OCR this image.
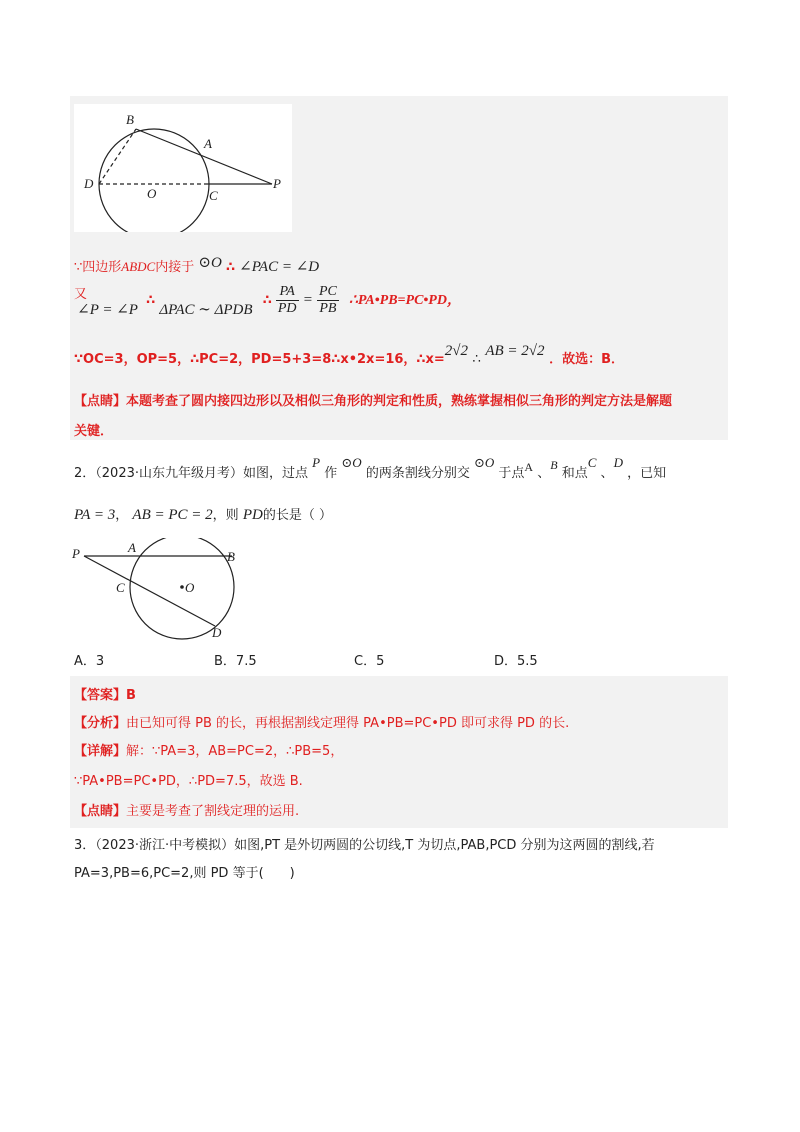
B
A
D
O	C
P
∵四边形ABDC内接于 ⊙O ∴ ∠PAC = ∠D
又 ∠P = ∠P ∴ ΔPAC ∼ ΔPDB ∴ $\frac{PA}{PD} = \frac{PC}{PB}$ ∴PA•PB=PC•PD，
∵OC=3，OP=5，∴PC=2，PD=5+3=8∴x•2x=16，∴x=2√2 ∴ AB = 2√2 ．故选：B．
【点睛】本题考查了圆内接四边形以及相似三角形的判定和性质，熟练掌握相似三角形的判定方法是解题
关键．
2．（2023·山东九年级月考）如图，过点 P 作 ⊙O 的两条割线分别交 ⊙O 于点A 、B 和点C 、D ，已知
PA = 3， AB = PC = 2，则 PD的长是（ ）
P	A
B
C	O
D
A．3	B．7.5	C．5	D．5.5
【答案】B
【分析】由已知可得 PB 的长，再根据割线定理得 PA•PB=PC•PD 即可求得 PD 的长.
【详解】解：∵PA=3，AB=PC=2，∴PB=5，
∵PA•PB=PC•PD，∴PD=7.5，故选 B.
【点睛】主要是考查了割线定理的运用.
3．（2023·浙江·中考模拟）如图,PT 是外切两圆的公切线,T 为切点,PAB,PCD 分别为这两圆的割线,若
PA=3,PB=6,PC=2,则 PD 等于(　　)
